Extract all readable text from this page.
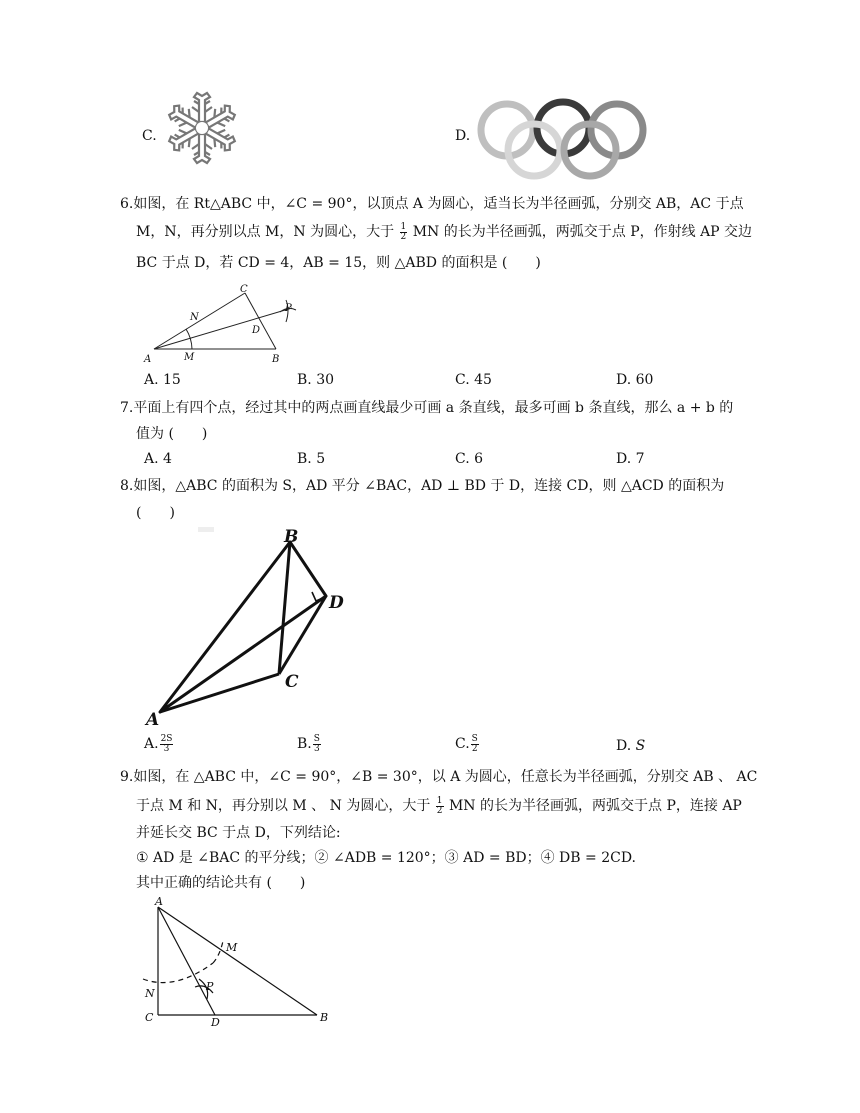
C.	D.
6.如图，在 Rt△ABC 中，∠C = 90°，以顶点 A 为圆心，适当长为半径画弧，分别交 AB，AC 于点
M，N，再分别以点 M，N 为圆心，大于 $\frac{1}{2}$ MN 的长为半径画弧，两弧交于点 P，作射线 AP 交边
BC 于点 D，若 CD = 4，AB = 15，则 △ABD 的面积是 (　　)
A	B
C
D
M
N
P
A. 15	B. 30	C. 45	D. 60
7.平面上有四个点，经过其中的两点画直线最少可画 a 条直线，最多可画 b 条直线，那么 a + b 的
值为 (　　)
A. 4	B. 5	C. 6	D. 7
8.如图，△ABC 的面积为 S，AD 平分 ∠BAC，AD ⊥ BD 于 D，连接 CD，则 △ACD 的面积为
(　　)
B
D
C
A
A. $\frac{2S}{3}$	B. $\frac{S}{3}$	C. $\frac{S}{2}$	D. S
9.如图，在 △ABC 中，∠C = 90°，∠B = 30°，以 A 为圆心，任意长为半径画弧，分别交 AB 、 AC
于点 M 和 N，再分别以 M 、 N 为圆心，大于 $\frac{1}{2}$ MN 的长为半径画弧，两弧交于点 P，连接 AP
并延长交 BC 于点 D，下列结论:
① AD 是 ∠BAC 的平分线；② ∠ADB = 120°；③ AD = BD；④ DB = 2CD.
其中正确的结论共有 (　　)
A
M
N
P
C	D	B
